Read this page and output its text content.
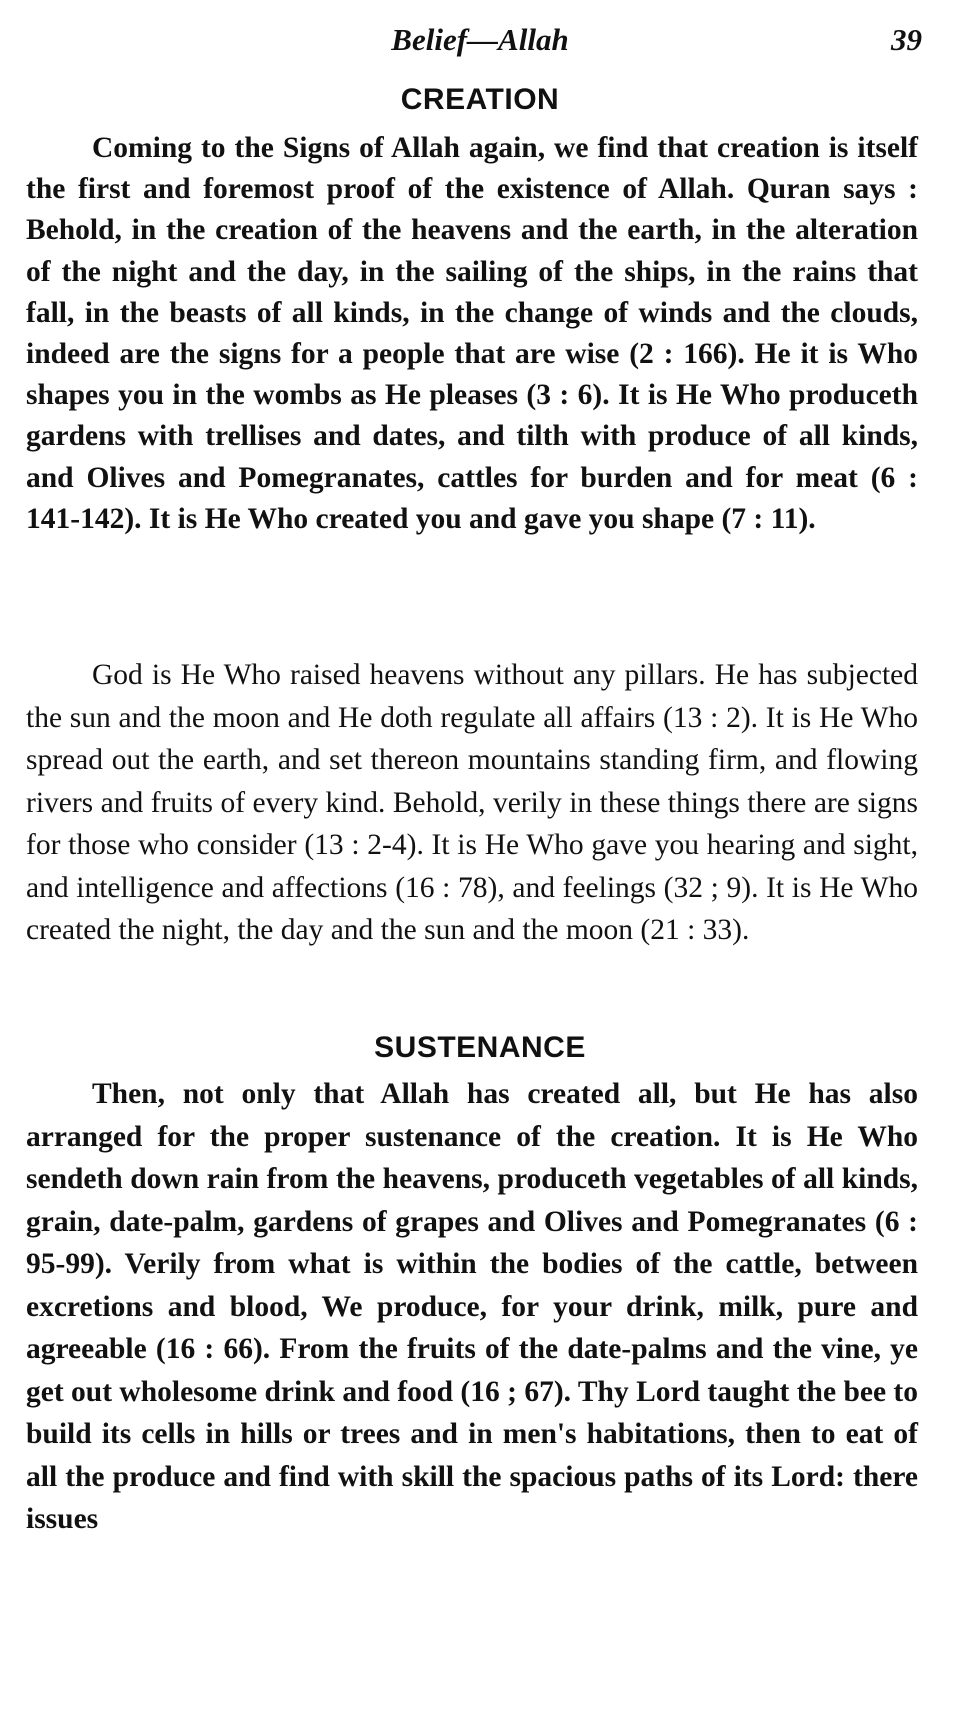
Belief—Allah	39
CREATION

Coming to the Signs of Allah again, we find that creation is itself the first and foremost proof of the existence of Allah. Quran says : Behold, in the creation of the heavens and the earth, in the alteration of the night and the day, in the sailing of the ships, in the rains that fall, in the beasts of all kinds, in the change of winds and the clouds, indeed are the signs for a people that are wise (2 : 166). He it is Who shapes you in the wombs as He pleases (3 : 6). It is He Who produceth gardens with trellises and dates, and tilth with produce of all kinds, and Olives and Pomegranates, cattles for burden and for meat (6 : 141-142). It is He Who created you and gave you shape (7 : 11).

God is He Who raised heavens without any pillars. He has subjected the sun and the moon and He doth regulate all affairs (13 : 2). It is He Who spread out the earth, and set thereon mountains standing firm, and flowing rivers and fruits of every kind. Behold, verily in these things there are signs for those who consider (13 : 2-4). It is He Who gave you hearing and sight, and intelligence and affections (16 : 78), and feelings (32 ; 9). It is He Who created the night, the day and the sun and the moon (21 : 33).

SUSTENANCE

Then, not only that Allah has created all, but He has also arranged for the proper sustenance of the creation. It is He Who sendeth down rain from the heavens, produceth vegetables of all kinds, grain, date-palm, gardens of grapes and Olives and Pomegranates (6 : 95-99). Verily from what is within the bodies of the cattle, between excretions and blood, We produce, for your drink, milk, pure and agreeable (16 : 66). From the fruits of the date-palms and the vine, ye get out wholesome drink and food (16 ; 67). Thy Lord taught the bee to build its cells in hills or trees and in men's habitations, then to eat of all the produce and find with skill the spacious paths of its Lord: there issues
